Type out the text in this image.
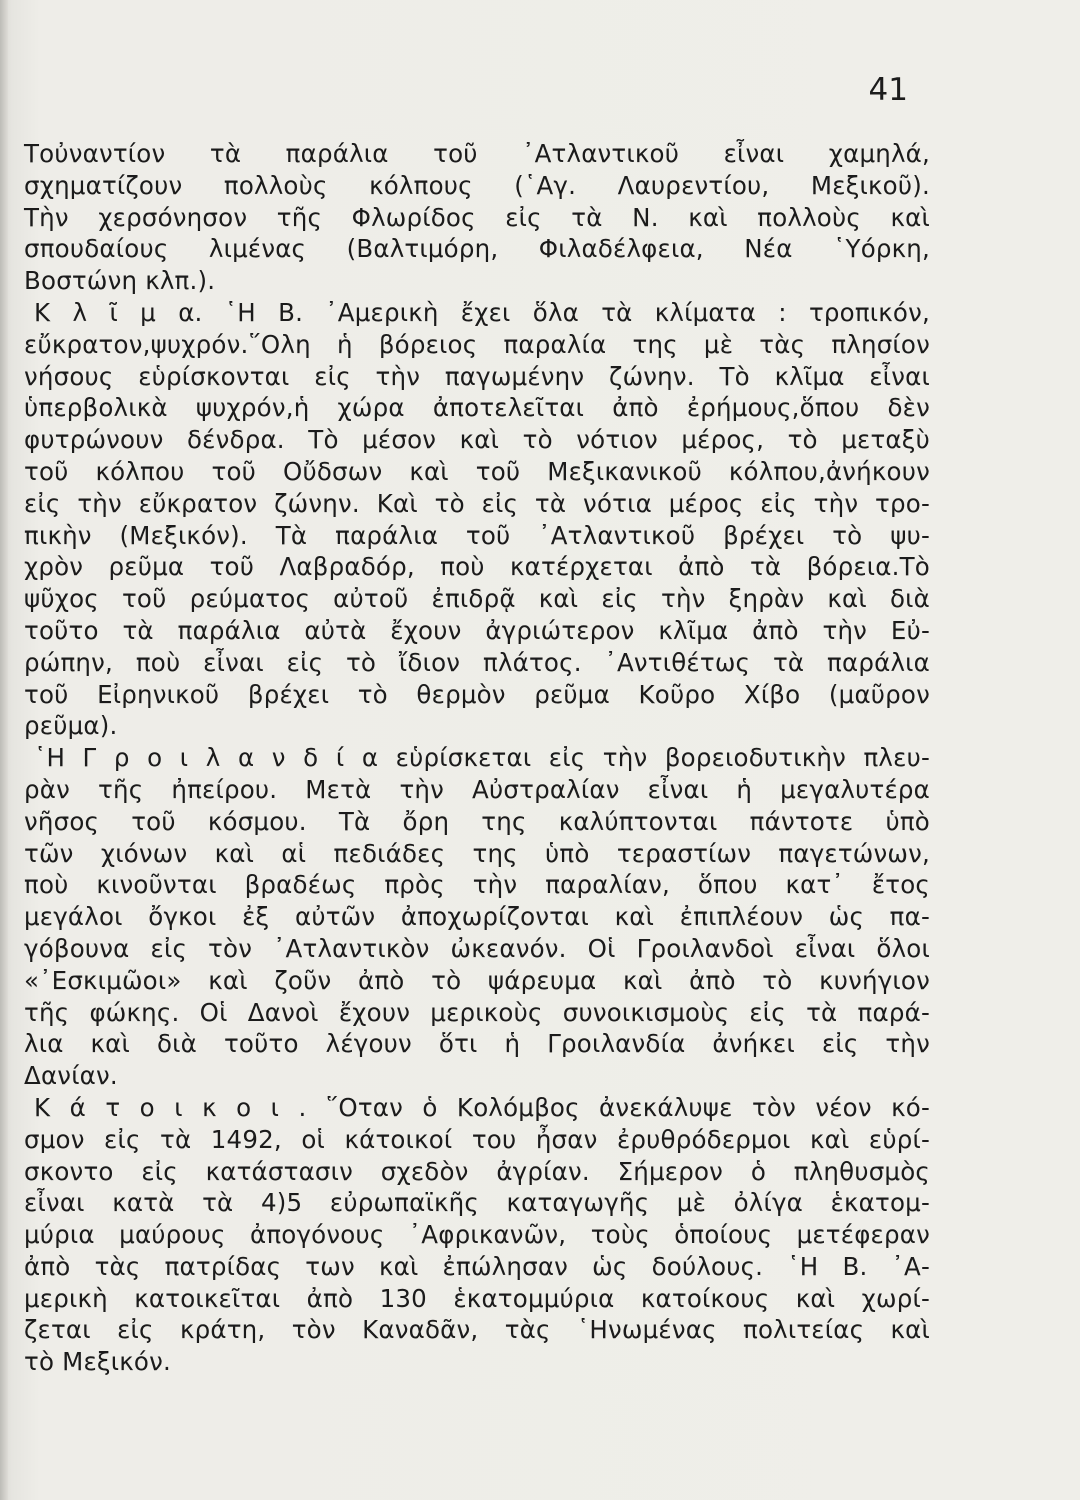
41
Τοὐναντίον τὰ παράλια τοῦ ᾿Ατλαντικοῦ εἶναι χαμηλά,
σχηματίζουν πολλοὺς κόλπους (῾Αγ. Λαυρεντίου, Μεξικοῦ).
Τὴν χερσόνησον τῆς Φλωρίδος εἰς τὰ Ν. καὶ πολλοὺς καὶ
σπουδαίους λιμένας (Βαλτιμόρη, Φιλαδέλφεια, Νέα ῾Υόρκη,
Βοστώνη κλπ.).
Κ λ ῖ μ α. ῾Η Β. ᾿Αμερικὴ ἔχει ὅλα τὰ κλίματα : τροπικόν,
εὔκρατον,ψυχρόν.῞Ολη ἡ βόρειος παραλία της μὲ τὰς πλησίον
νήσους εὑρίσκονται εἰς τὴν παγωμένην ζώνην. Τὸ κλῖμα εἶναι
ὑπερβολικὰ ψυχρόν,ἡ χώρα ἀποτελεῖται ἀπὸ ἐρήμους,ὅπου δὲν
φυτρώνουν δένδρα. Τὸ μέσον καὶ τὸ νότιον μέρος, τὸ μεταξὺ
τοῦ κόλπου τοῦ Οὔδσων καὶ τοῦ Μεξικανικοῦ κόλπου,ἀνήκουν
εἰς τὴν εὔκρατον ζώνην. Καὶ τὸ εἰς τὰ νότια μέρος εἰς τὴν τρο-
πικὴν (Μεξικόν). Τὰ παράλια τοῦ ᾿Ατλαντικοῦ βρέχει τὸ ψυ-
χρὸν ρεῦμα τοῦ Λαβραδόρ, ποὺ κατέρχεται ἀπὸ τὰ βόρεια.Τὸ
ψῦχος τοῦ ρεύματος αὐτοῦ ἐπιδρᾷ καὶ εἰς τὴν ξηρὰν καὶ διὰ
τοῦτο τὰ παράλια αὐτὰ ἔχουν ἀγριώτερον κλῖμα ἀπὸ τὴν Εὐ-
ρώπην, ποὺ εἶναι εἰς τὸ ἴδιον πλάτος. ᾿Αντιθέτως τὰ παράλια
τοῦ Εἰρηνικοῦ βρέχει τὸ θερμὸν ρεῦμα Κοῦρο Χίβο (μαῦρον
ρεῦμα).
῾Η Γ ρ ο ι λ α ν δ ί α εὑρίσκεται εἰς τὴν βορειοδυτικὴν πλευ-
ρὰν τῆς ἠπείρου. Μετὰ τὴν Αὐστραλίαν εἶναι ἡ μεγαλυτέρα
νῆσος τοῦ κόσμου. Τὰ ὄρη της καλύπτονται πάντοτε ὑπὸ
τῶν χιόνων καὶ αἱ πεδιάδες της ὑπὸ τεραστίων παγετώνων,
ποὺ κινοῦνται βραδέως πρὸς τὴν παραλίαν, ὅπου κατ᾿ ἔτος
μεγάλοι ὄγκοι ἐξ αὐτῶν ἀποχωρίζονται καὶ ἐπιπλέουν ὡς πα-
γόβουνα εἰς τὸν ᾿Ατλαντικὸν ὠκεανόν. Οἱ Γροιλανδοὶ εἶναι ὅλοι
«᾿Εσκιμῶοι» καὶ ζοῦν ἀπὸ τὸ ψάρευμα καὶ ἀπὸ τὸ κυνήγιον
τῆς φώκης. Οἱ Δανοὶ ἔχουν μερικοὺς συνοικισμοὺς εἰς τὰ παρά-
λια καὶ διὰ τοῦτο λέγουν ὅτι ἡ Γροιλανδία ἀνήκει εἰς τὴν
Δανίαν.
Κ ά τ ο ι κ ο ι . ῞Οταν ὁ Κολόμβος ἀνεκάλυψε τὸν νέον κό-
σμον εἰς τὰ 1492, οἱ κάτοικοί του ἦσαν ἐρυθρόδερμοι καὶ εὑρί-
σκοντο εἰς κατάστασιν σχεδὸν ἀγρίαν. Σήμερον ὁ πληθυσμὸς
εἶναι κατὰ τὰ 4)5 εὐρωπαϊκῆς καταγωγῆς μὲ ὀλίγα ἑκατομ-
μύρια μαύρους ἀπογόνους ᾿Αφρικανῶν, τοὺς ὁποίους μετέφεραν
ἀπὸ τὰς πατρίδας των καὶ ἐπώλησαν ὡς δούλους. ῾Η Β. ᾿Α-
μερικὴ κατοικεῖται ἀπὸ 130 ἑκατομμύρια κατοίκους καὶ χωρί-
ζεται εἰς κράτη, τὸν Καναδᾶν, τὰς ῾Ηνωμένας πολιτείας καὶ
τὸ Μεξικόν.
